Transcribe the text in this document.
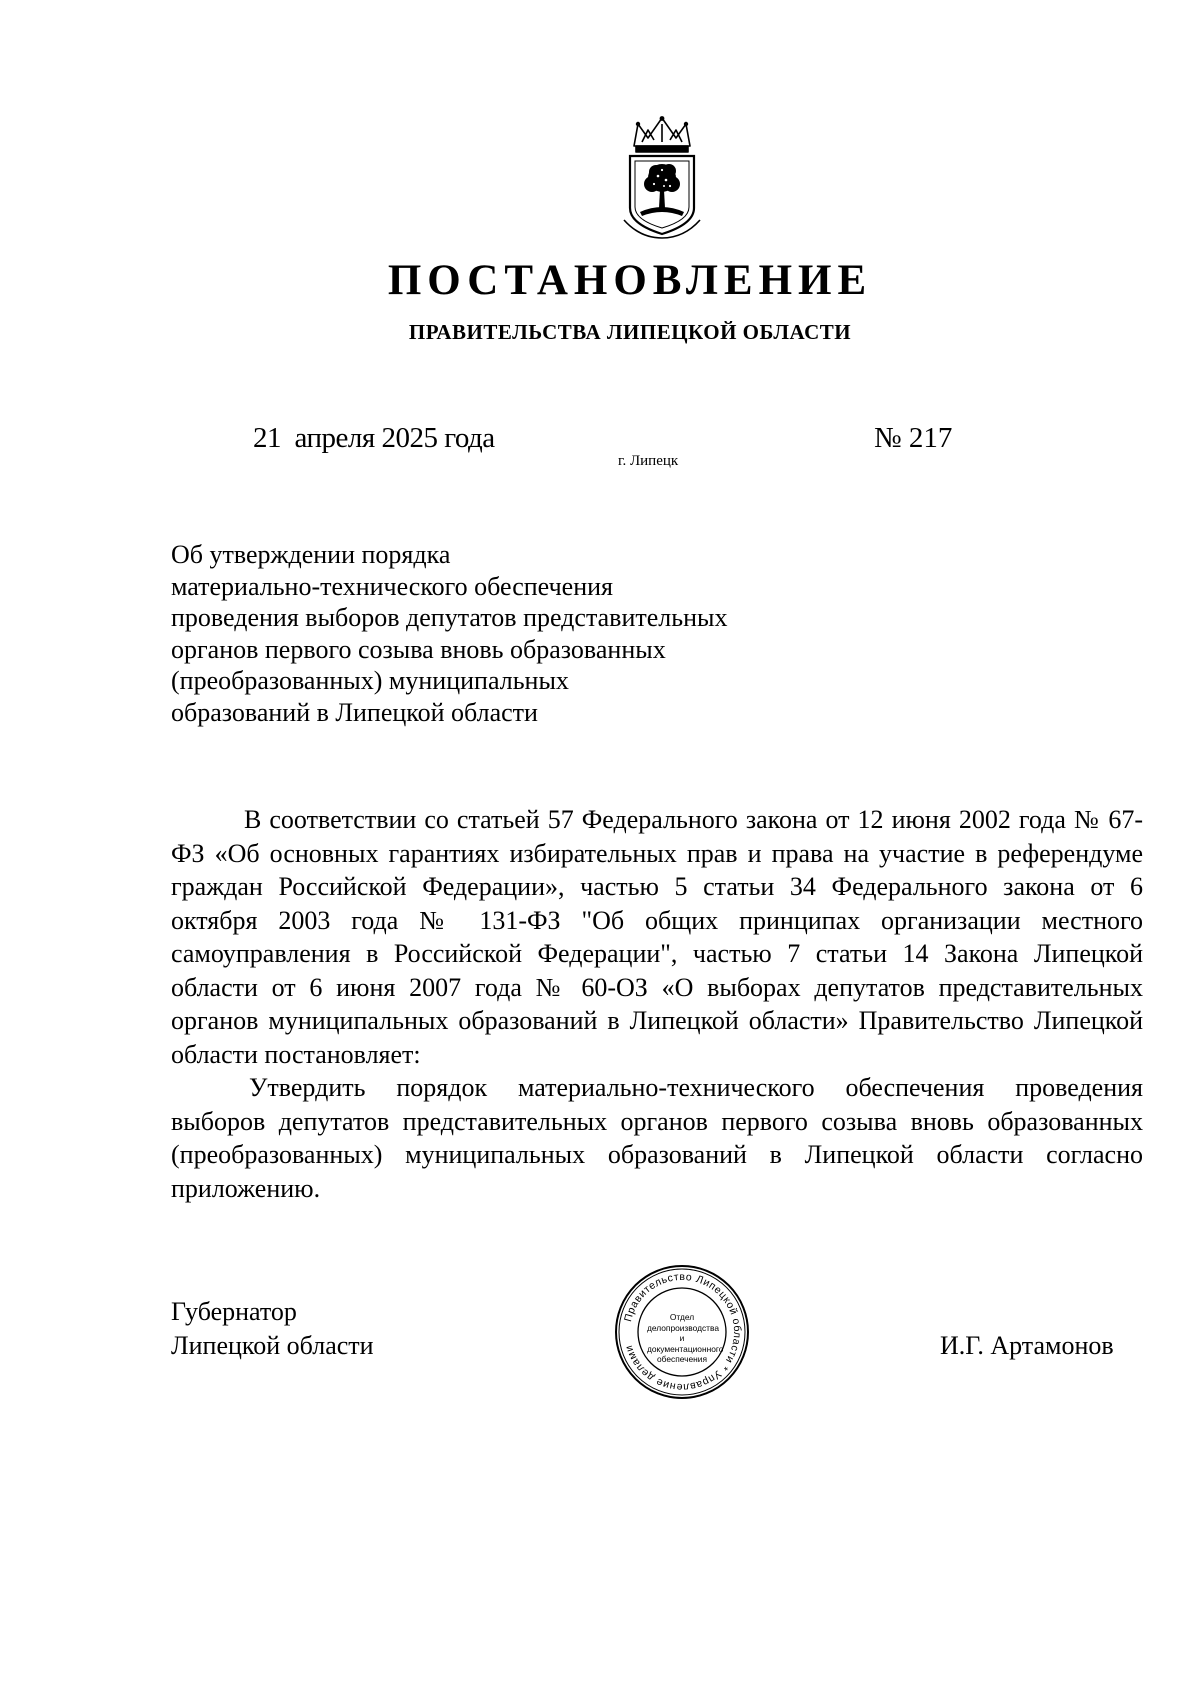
ПОСТАНОВЛЕНИЕ
ПРАВИТЕЛЬСТВА ЛИПЕЦКОЙ ОБЛАСТИ
21  апреля 2025 года
г. Липецк
№ 217
Об утверждении порядка
материально-технического обеспечения
проведения выборов депутатов представительных
органов первого созыва вновь образованных
(преобразованных) муниципальных
образований в Липецкой области

В соответствии со статьей 57 Федерального закона от 12 июня 2002 года № 67-ФЗ «Об основных гарантиях избирательных прав и права на участие в референдуме граждан Российской Федерации», частью 5 статьи 34 Федерального закона от 6 октября 2003 года № 131-ФЗ "Об общих принципах организации местного самоуправления в Российской Федерации", частью 7 статьи 14 Закона Липецкой области от 6 июня 2007 года № 60-ОЗ «О выборах депутатов представительных органов муниципальных образований в Липецкой области» Правительство Липецкой области постановляет:

Утвердить порядок материально-технического обеспечения проведения выборов депутатов представительных органов первого созыва вновь образованных (преобразованных) муниципальных образований в Липецкой области согласно приложению.

Губернатор
Липецкой области
Правительство Липецкой области * Управление делами
Отдел
делопроизводства и
документационного
обеспечения	И.Г. Артамонов
